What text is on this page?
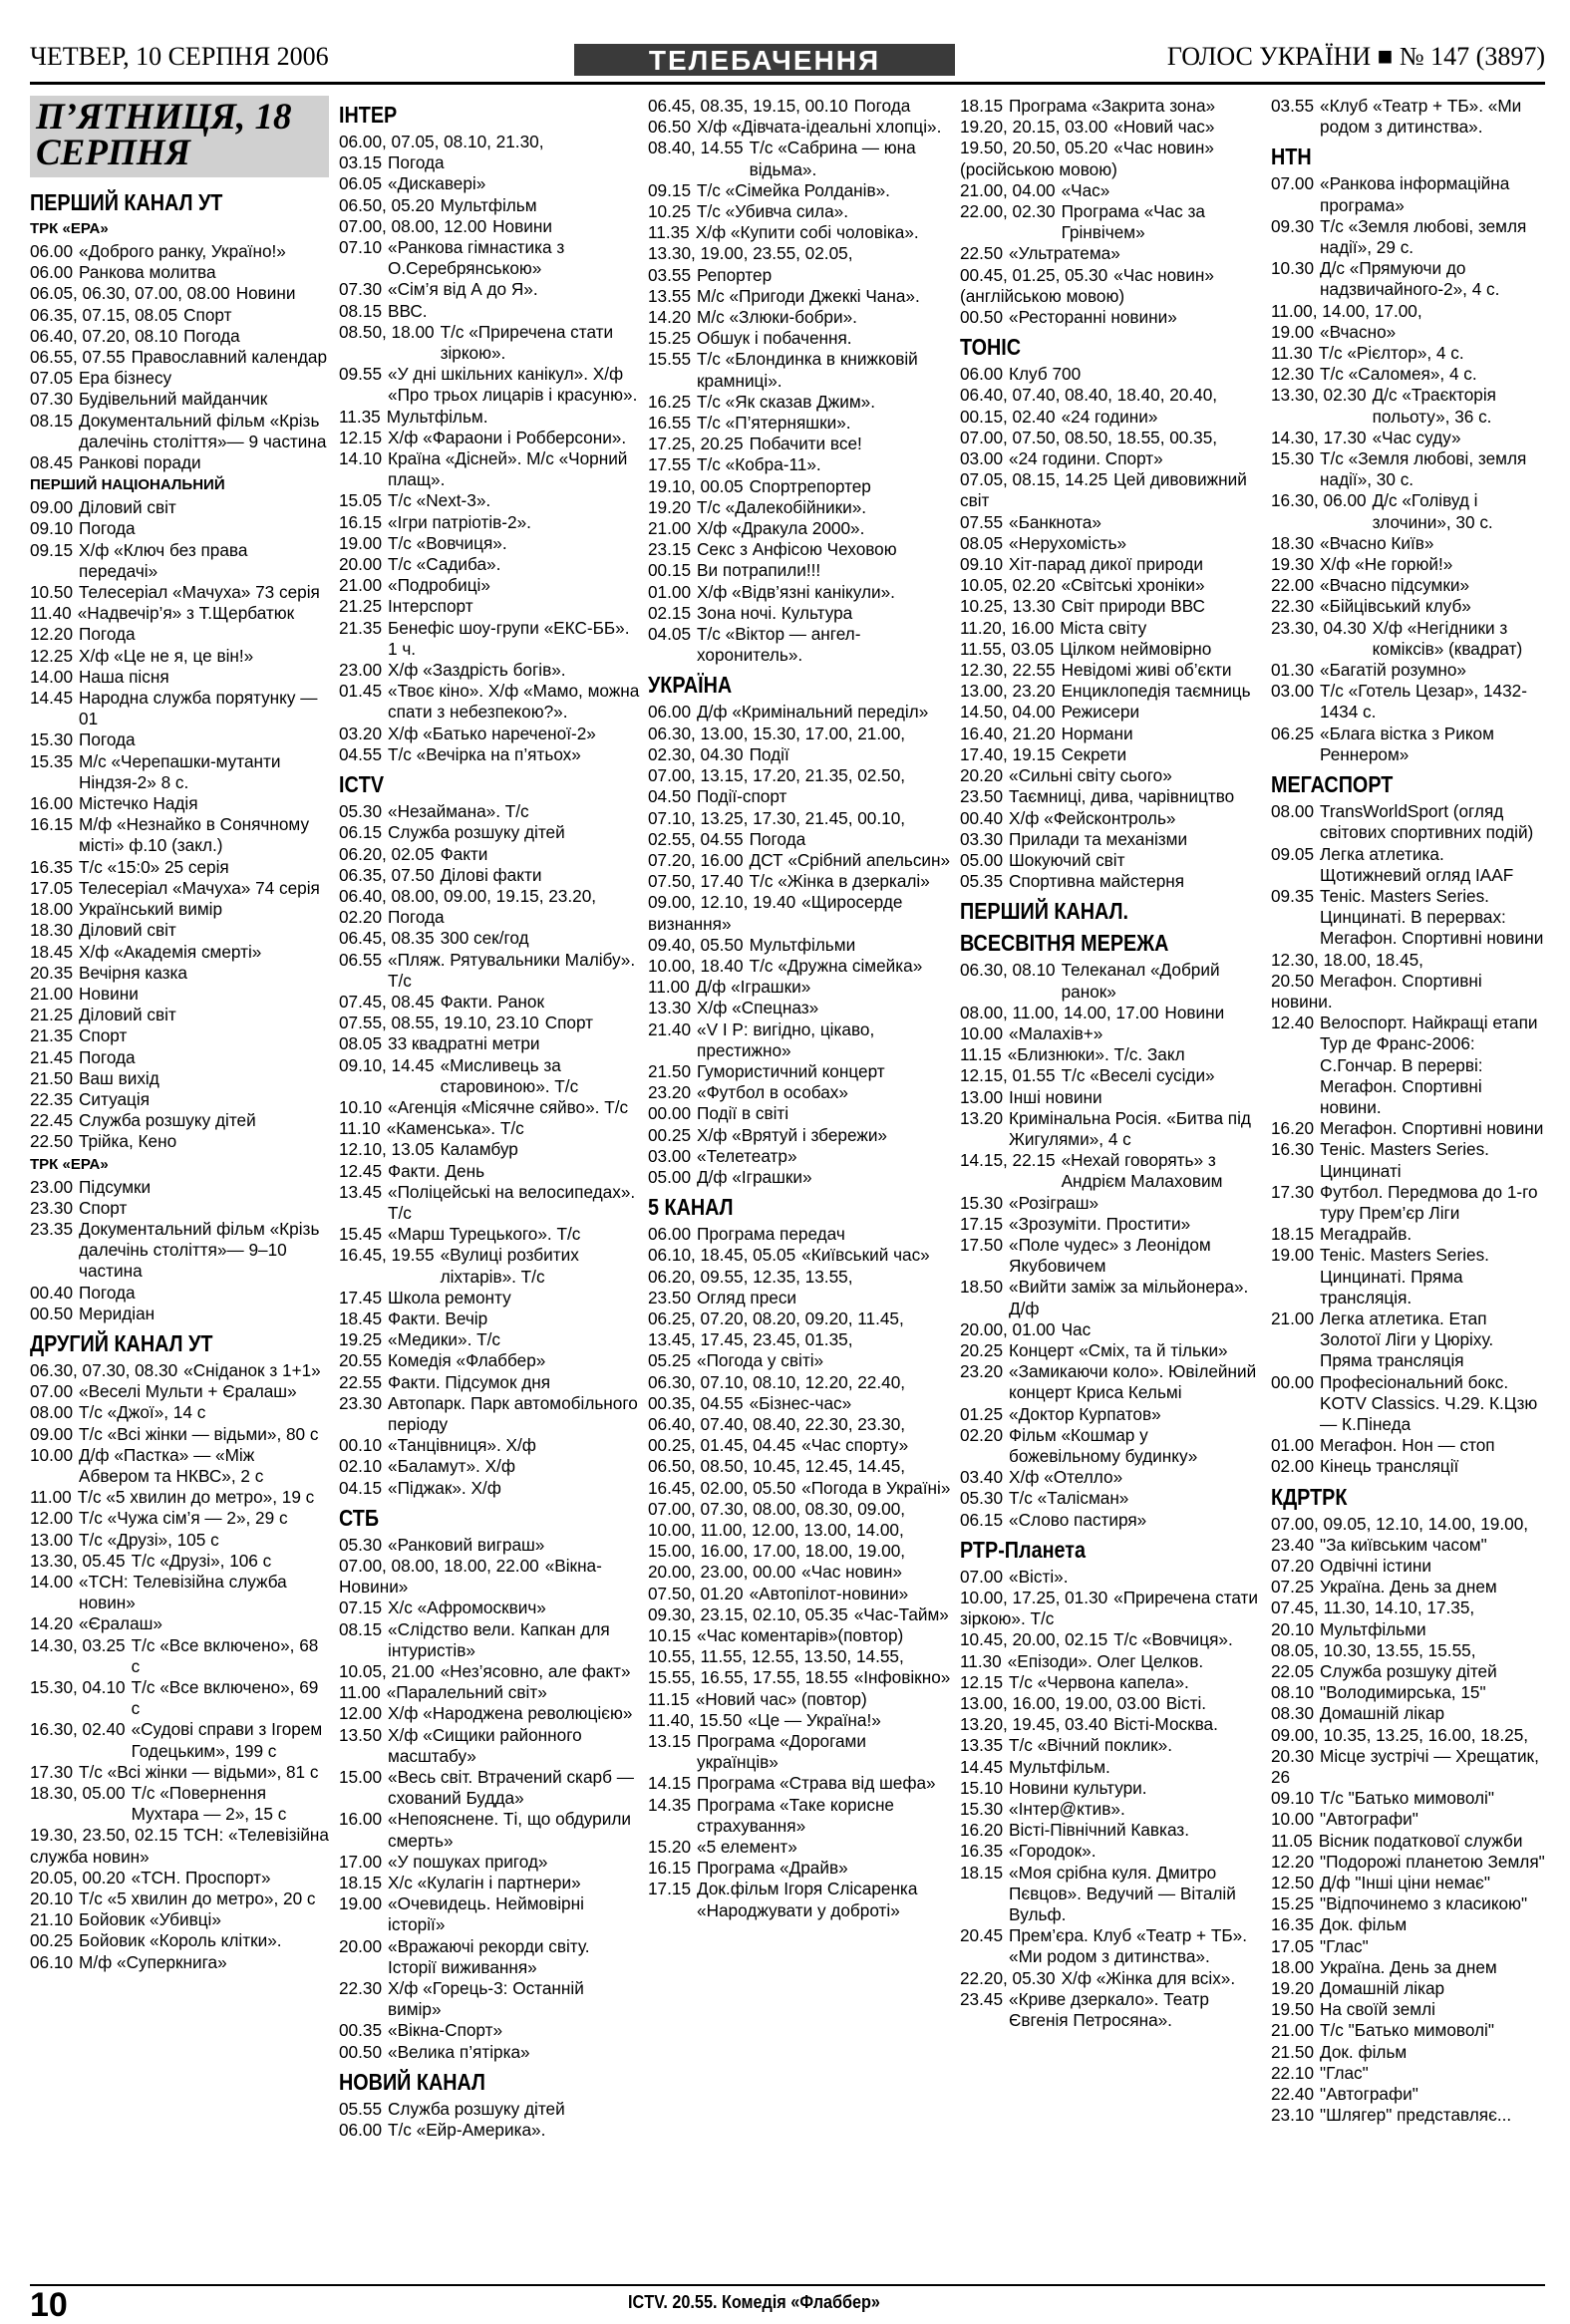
ЧЕТВЕР, 10 СЕРПНЯ 2006	ТЕЛЕБАЧЕННЯ	ГОЛОС УКРАЇНИ ■ № 147 (3897)
П’ЯТНИЦЯ, 18 СЕРПНЯ
ПЕРШИЙ КАНАЛ УТ
ТРК «ЕРА»
06.00 «Доброго ранку, Україно!»
06.00 Ранкова молитва
06.05, 06.30, 07.00, 08.00 Новини
06.35, 07.15, 08.05 Спорт
06.40, 07.20, 08.10 Погода
06.55, 07.55 Православний календар
07.05 Ера бізнесу
07.30 Будівельний майданчик
08.15 Документальний фільм «Крізь далечінь століття»— 9 частина
08.45 Ранкові поради
ПЕРШИЙ НАЦІОНАЛЬНИЙ
09.00 Діловий світ
09.10 Погода
09.15 Х/ф «Ключ без права передачі»
10.50 Телесеріал «Мачуха» 73 серія
11.40 «Надвечір’я» з Т.Щербатюк
12.20 Погода
12.25 Х/ф «Це не я, це він!»
14.00 Наша пісня
14.45 Народна служба порятунку — 01
15.30 Погода
15.35 М/с «Черепашки-мутанти Ніндзя-2» 8 с.
16.00 Містечко Надія
16.15 М/ф «Незнайко в Сонячному місті» ф.10 (закл.)
16.35 Т/с «15:0» 25 серія
17.05 Телесеріал «Мачуха» 74 серія
18.00 Український вимір
18.30 Діловий світ
18.45 Х/ф «Академія смерті»
20.35 Вечірня казка
21.00 Новини
21.25 Діловий світ
21.35 Спорт
21.45 Погода
21.50 Ваш вихід
22.35 Ситуація
22.45 Служба розшуку дітей
22.50 Трійка, Кено
ТРК «ЕРА»
23.00 Підсумки
23.30 Спорт
23.35 Документальний фільм «Крізь далечінь століття»— 9–10 частина
00.40 Погода
00.50 Меридіан
ДРУГИЙ КАНАЛ УТ
06.30, 07.30, 08.30 «Сніданок з 1+1»
07.00 «Веселі Мульти + Єралаш»
08.00 Т/с «Джої», 14 с
09.00 Т/с «Всі жінки — відьми», 80 с
10.00 Д/ф «Пастка» — «Між Абвером та НКВС», 2 с
11.00 Т/с «5 хвилин до метро», 19 с
12.00 Т/с «Чужа сім’я — 2», 29 с
13.00 Т/с «Друзі», 105 с
13.30, 05.45 Т/с «Друзі», 106 с
14.00 «ТСН: Телевізійна служба новин»
14.20 «Єралаш»
14.30, 03.25 Т/с «Все включено», 68 с
15.30, 04.10 Т/с «Все включено», 69 с
16.30, 02.40 «Судові справи з Ігорем Годецьким», 199 с
17.30 Т/с «Всі жінки — відьми», 81 с
18.30, 05.00 Т/с «Повернення Мухтара — 2», 15 с
19.30, 23.50, 02.15 ТСН: «Телевізійна служба новин»
20.05, 00.20 «ТСН. Проспорт»
20.10 Т/с «5 хвилин до метро», 20 с
21.10 Бойовик «Убивці»
00.25 Бойовик «Король клітки».
06.10 М/ф «Суперкнига»
ІНТЕР
06.00, 07.05, 08.10, 21.30, 03.15 Погода
06.05 «Дискавері»
06.50, 05.20 Мультфільм
07.00, 08.00, 12.00 Новини
07.10 «Ранкова гімнастика з О.Серебрянською»
07.30 «Сім’я від А до Я».
08.15 ВВС.
08.50, 18.00 Т/с «Приречена стати зіркою».
09.55 «У дні шкільних канікул». Х/ф «Про трьох лицарів і красуню».
11.35 Мультфільм.
12.15 Х/ф «Фараони і Робберсони».
14.10 Країна «Дісней». М/с «Чорний плащ».
15.05 Т/с «Next-3».
16.15 «Ігри патріотів-2».
19.00 Т/с «Вовчиця».
20.00 Т/с «Садиба».
21.00 «Подробиці»
21.25 Інтерспорт
21.35 Бенефіс шоу-групи «ЕКС-ББ». 1 ч.
23.00 Х/ф «Заздрість богів».
01.45 «Твоє кіно». Х/ф «Мамо, можна спати з небезпекою?».
03.20 Х/ф «Батько нареченої-2»
04.55 Т/с «Вечірка на п’ятьох»
ICTV
05.30 «Незаймана». Т/с
06.15 Служба розшуку дітей
06.20, 02.05 Факти
06.35, 07.50 Ділові факти
06.40, 08.00, 09.00, 19.15, 23.20, 02.20 Погода
06.45, 08.35 300 сек/год
06.55 «Пляж. Рятувальники Малібу». Т/с
07.45, 08.45 Факти. Ранок
07.55, 08.55, 19.10, 23.10 Спорт
08.05 33 квадратні метри
09.10, 14.45 «Мисливець за старовиною». Т/с
10.10 «Агенція «Місячне сяйво». Т/с
11.10 «Каменська». Т/с
12.10, 13.05 Каламбур
12.45 Факти. День
13.45 «Поліцейські на велосипедах». Т/с
15.45 «Марш Турецького». Т/с
16.45, 19.55 «Вулиці розбитих ліхтарів». Т/с
17.45 Школа ремонту
18.45 Факти. Вечір
19.25 «Медики». Т/с
20.55 Комедія «Флаббер»
22.55 Факти. Підсумок дня
23.30 Автопарк. Парк автомобільного періоду
00.10 «Танцівниця». Х/ф
02.10 «Баламут». Х/ф
04.15 «Піджак». Х/ф
СТБ
05.30 «Ранковий виграш»
07.00, 08.00, 18.00, 22.00 «Вікна-Новини»
07.15 Х/с «Афромосквич»
08.15 «Слідство вели. Капкан для інтуристів»
10.05, 21.00 «Нез’ясовно, але факт»
11.00 «Паралельний світ»
12.00 Х/ф «Народжена революцією»
13.50 Х/ф «Сищики районного масштабу»
15.00 «Весь світ. Втрачений скарб — схований Будда»
16.00 «Непояснене. Ті, що обдурили смерть»
17.00 «У пошуках пригод»
18.15 Х/с «Кулагін і партнери»
19.00 «Очевидець. Неймовірні історії»
20.00 «Вражаючі рекорди світу. Історії виживання»
22.30 Х/ф «Горець-3: Останній вимір»
00.35 «Вікна-Спорт»
00.50 «Велика п’ятірка»
НОВИЙ КАНАЛ
05.55 Служба розшуку дітей
06.00 Т/с «Ейр-Америка».
06.45, 08.35, 19.15, 00.10 Погода
06.50 Х/ф «Дівчата-ідеальні хлопці».
08.40, 14.55 Т/с «Сабрина — юна відьма».
09.15 Т/с «Сімейка Ролданів».
10.25 Т/с «Убивча сила».
11.35 Х/ф «Купити собі чоловіка».
13.30, 19.00, 23.55, 02.05, 03.55 Репортер
13.55 М/с «Пригоди Джеккі Чана».
14.20 М/с «Злюки-бобри».
15.25 Обшук і побачення.
15.55 Т/с «Блондинка в книжковій крамниці».
16.25 Т/с «Як сказав Джим».
16.55 Т/с «П’ятерняшки».
17.25, 20.25 Побачити все!
17.55 Т/с «Кобра-11».
19.10, 00.05 Спортрепортер
19.20 Т/с «Далекобійники».
21.00 Х/ф «Дракула 2000».
23.15 Секс з Анфісою Чеховою
00.15 Ви потрапили!!!
01.00 Х/ф «Відв’язні канікули».
02.15 Зона ночі. Культура
04.05 Т/с «Віктор — ангел-хоронитель».
УКРАЇНА
06.00 Д/ф «Кримінальний переділ»
06.30, 13.00, 15.30, 17.00, 21.00, 02.30, 04.30 Події
07.00, 13.15, 17.20, 21.35, 02.50, 04.50 Події-спорт
07.10, 13.25, 17.30, 21.45, 00.10, 02.55, 04.55 Погода
07.20, 16.00 ДСТ «Срібний апельсин»
07.50, 17.40 Т/с «Жінка в дзеркалі»
09.00, 12.10, 19.40 «Щиросерде визнання»
09.40, 05.50 Мультфільми
10.00, 18.40 Т/с «Дружна сімейка»
11.00 Д/ф «Іграшки»
13.30 Х/ф «Спецназ»
21.40 «V I P: вигідно, цікаво, престижно»
21.50 Гумористичний концерт
23.20 «Футбол в особах»
00.00 Події в світі
00.25 Х/ф «Врятуй і збережи»
03.00 «Телетеатр»
05.00 Д/ф «Ігрaшки»
5 КАНАЛ
06.00 Програма передач
06.10, 18.45, 05.05 «Київський час»
06.20, 09.55, 12.35, 13.55, 23.50 Огляд преси
06.25, 07.20, 08.20, 09.20, 11.45, 13.45, 17.45, 23.45, 01.35, 05.25 «Погода у світі»
06.30, 07.10, 08.10, 12.20, 22.40, 00.35, 04.55 «Бізнес-час»
06.40, 07.40, 08.40, 22.30, 23.30, 00.25, 01.45, 04.45 «Час спорту»
06.50, 08.50, 10.45, 12.45, 14.45, 16.45, 02.00, 05.50 «Погода в Україні»
07.00, 07.30, 08.00, 08.30, 09.00, 10.00, 11.00, 12.00, 13.00, 14.00, 15.00, 16.00, 17.00, 18.00, 19.00, 20.00, 23.00, 00.00 «Час новин»
07.50, 01.20 «Автопілот-новини»
09.30, 23.15, 02.10, 05.35 «Час-Тайм»
10.15 «Час коментарів»(повтор)
10.55, 11.55, 12.55, 13.50, 14.55, 15.55, 16.55, 17.55, 18.55 «Інфовікно»
11.15 «Новий час» (повтор)
11.40, 15.50 «Це — Україна!»
13.15 Програма «Дорогами українців»
14.15 Програма «Страва від шефа»
14.35 Програма «Таке корисне страхування»
15.20 «5 елемент»
16.15 Програма «Драйв»
17.15 Док.фільм Ігоря Слісаренка «Народжувати у доброті»
18.15 Програма «Закрита зона»
19.20, 20.15, 03.00 «Новий час»
19.50, 20.50, 05.20 «Час новин» (російською мовою)
21.00, 04.00 «Час»
22.00, 02.30 Програма «Час за Грінвічем»
22.50 «Ультратема»
00.45, 01.25, 05.30 «Час новин» (англійською мовою)
00.50 «Ресторанні новини»
ТОНІС
06.00 Клуб 700
06.40, 07.40, 08.40, 18.40, 20.40, 00.15, 02.40 «24 години»
07.00, 07.50, 08.50, 18.55, 00.35, 03.00 «24 години. Спорт»
07.05, 08.15, 14.25 Цей дивовижний світ
07.55 «Банкнота»
08.05 «Нерухомість»
09.10 Хіт-парад дикої природи
10.05, 02.20 «Світські хроніки»
10.25, 13.30 Світ природи ВВС
11.20, 16.00 Міста світу
11.55, 03.05 Цілком неймовірно
12.30, 22.55 Невідомі живі об’єкти
13.00, 23.20 Енциклопедія таємниць
14.50, 04.00 Режисери
16.40, 21.20 Нормани
17.40, 19.15 Секрети
20.20 «Сильні світу сього»
23.50 Таємниці, дива, чарівництво
00.40 Х/ф «Фейсконтроль»
03.30 Прилади та механізми
05.00 Шокуючий світ
05.35 Спортивна майстерня
ПЕРШИЙ КАНАЛ.
ВСЕСВІТНЯ МЕРЕЖА
06.30, 08.10 Телеканал «Добрий ранок»
08.00, 11.00, 14.00, 17.00 Новини
10.00 «Малахів+»
11.15 «Близнюки». Т/с. Закл
12.15, 01.55 Т/с «Веселі сусіди»
13.00 Інші новини
13.20 Кримінальна Росія. «Битва під Жигулями», 4 с
14.15, 22.15 «Нехай говорять» з Андрієм Малаховим
15.30 «Розіграш»
17.15 «Зрозуміти. Простити»
17.50 «Поле чудес» з Леонідом Якубовичем
18.50 «Вийти заміж за мільйонера». Д/ф
20.00, 01.00 Час
20.25 Концерт «Сміх, та й тільки»
23.20 «Замикаючи коло». Ювілейний концерт Криса Кельмі
01.25 «Доктор Курпатов»
02.20 Фільм «Кошмар у божевільному будинку»
03.40 Х/ф «Отелло»
05.30 Т/с «Талісман»
06.15 «Слово пастиря»
РТР-Планета
07.00 «Вісті».
10.00, 17.25, 01.30 «Приречена стати зіркою». Т/с
10.45, 20.00, 02.15 Т/с «Вовчиця».
11.30 «Епізоди». Олег Целков.
12.15 Т/с «Червона капела».
13.00, 16.00, 19.00, 03.00 Вісті.
13.20, 19.45, 03.40 Вісті-Москва.
13.35 Т/с «Вічний поклик».
14.45 Мультфільм.
15.10 Новини культури.
15.30 «Інтер@ктив».
16.20 Вісті-Північний Кавказ.
16.35 «Городок».
18.15 «Моя срібна куля. Дмитро Пєвцов». Ведучий — Віталій Вульф.
20.45 Прем’єра. Клуб «Театр + ТБ». «Ми родом з дитинства».
22.20, 05.30 Х/ф «Жінка для всіх».
23.45 «Криве дзеркало». Театр Євгенія Петросяна».
03.55 «Клуб «Театр + ТБ». «Ми родом з дитинства».
НТН
07.00 «Ранкова інформаційна програма»
09.30 Т/с «Земля любові, земля надії», 29 с.
10.30 Д/с «Прямуючи до надзвичайного-2», 4 с.
11.00, 14.00, 17.00, 19.00 «Вчасно»
11.30 Т/с «Рієлтор», 4 с.
12.30 Т/с «Саломея», 4 с.
13.30, 02.30 Д/с «Траєкторія польоту», 36 с.
14.30, 17.30 «Час суду»
15.30 Т/с «Земля любові, земля надії», 30 с.
16.30, 06.00 Д/с «Голівуд і злочини», 30 с.
18.30 «Вчасно Київ»
19.30 Х/ф «Не горюй!»
22.00 «Вчасно підсумки»
22.30 «Бійцівський клуб»
23.30, 04.30 Х/ф «Негідники з коміксів» (квадрат)
01.30 «Багатій розумно»
03.00 Т/с «Готель Цезар», 1432-1434 с.
06.25 «Блага вістка з Риком Реннером»
МЕГАСПОРТ
08.00 TransWorldSport (огляд світових спортивних подій)
09.05 Легка атлетика. Щотижневий огляд IAAF
09.35 Теніс. Masters Series. Цинцинаті. В перервах: Мегафон. Спортивні новини
12.30, 18.00, 18.45, 20.50 Мегафон. Спортивні новини.
12.40 Велоспорт. Найкращі етапи Тур де Франс-2006: С.Гончар. В перерві: Мегафон. Спортивні новини.
16.20 Мегафон. Спортивні новини
16.30 Теніс. Masters Series. Цинцинаті
17.30 Футбол. Передмова до 1-го туру Прем’єр Ліги
18.15 Мегадрайв.
19.00 Теніс. Masters Series. Цинцинаті. Пряма трансляція.
21.00 Легка атлетика. Етап Золотої Ліги у Цюріху. Пряма трансляція
00.00 Професіональний бокс. KOTV Classics. Ч.29. К.Цзю — К.Пінеда
01.00 Мегафон. Нон — стоп
02.00 Кінець трансляції
КДРТРК
07.00, 09.05, 12.10, 14.00, 19.00, 23.40 "За київським часом"
07.20 Одвічні істини
07.25 Україна. День за днем
07.45, 11.30, 14.10, 17.35, 20.10 Мультфільми
08.05, 10.30, 13.55, 15.55, 22.05 Служба розшуку дітей
08.10 "Володимирська, 15"
08.30 Домашній лікар
09.00, 10.35, 13.25, 16.00, 18.25, 20.30 Місце зустрічі — Хрещатик, 26
09.10 Т/с "Батько мимоволі"
10.00 "Автографи"
11.05 Вісник податкової служби
12.20 "Подорожі планетою Земля"
12.50 Д/ф "Інші ціни немає"
15.25 "Відпочинемо з класикою"
16.35 Док. фільм
17.05 "Глас"
18.00 Україна. День за днем
19.20 Домашній лікар
19.50 На своїй землі
21.00 Т/с "Батько мимоволі"
21.50 Док. фільм
22.10 "Глас"
22.40 "Автографи"
23.10 "Шлягер" представляє...
10	ICTV. 20.55. Комедія «Флаббер»
